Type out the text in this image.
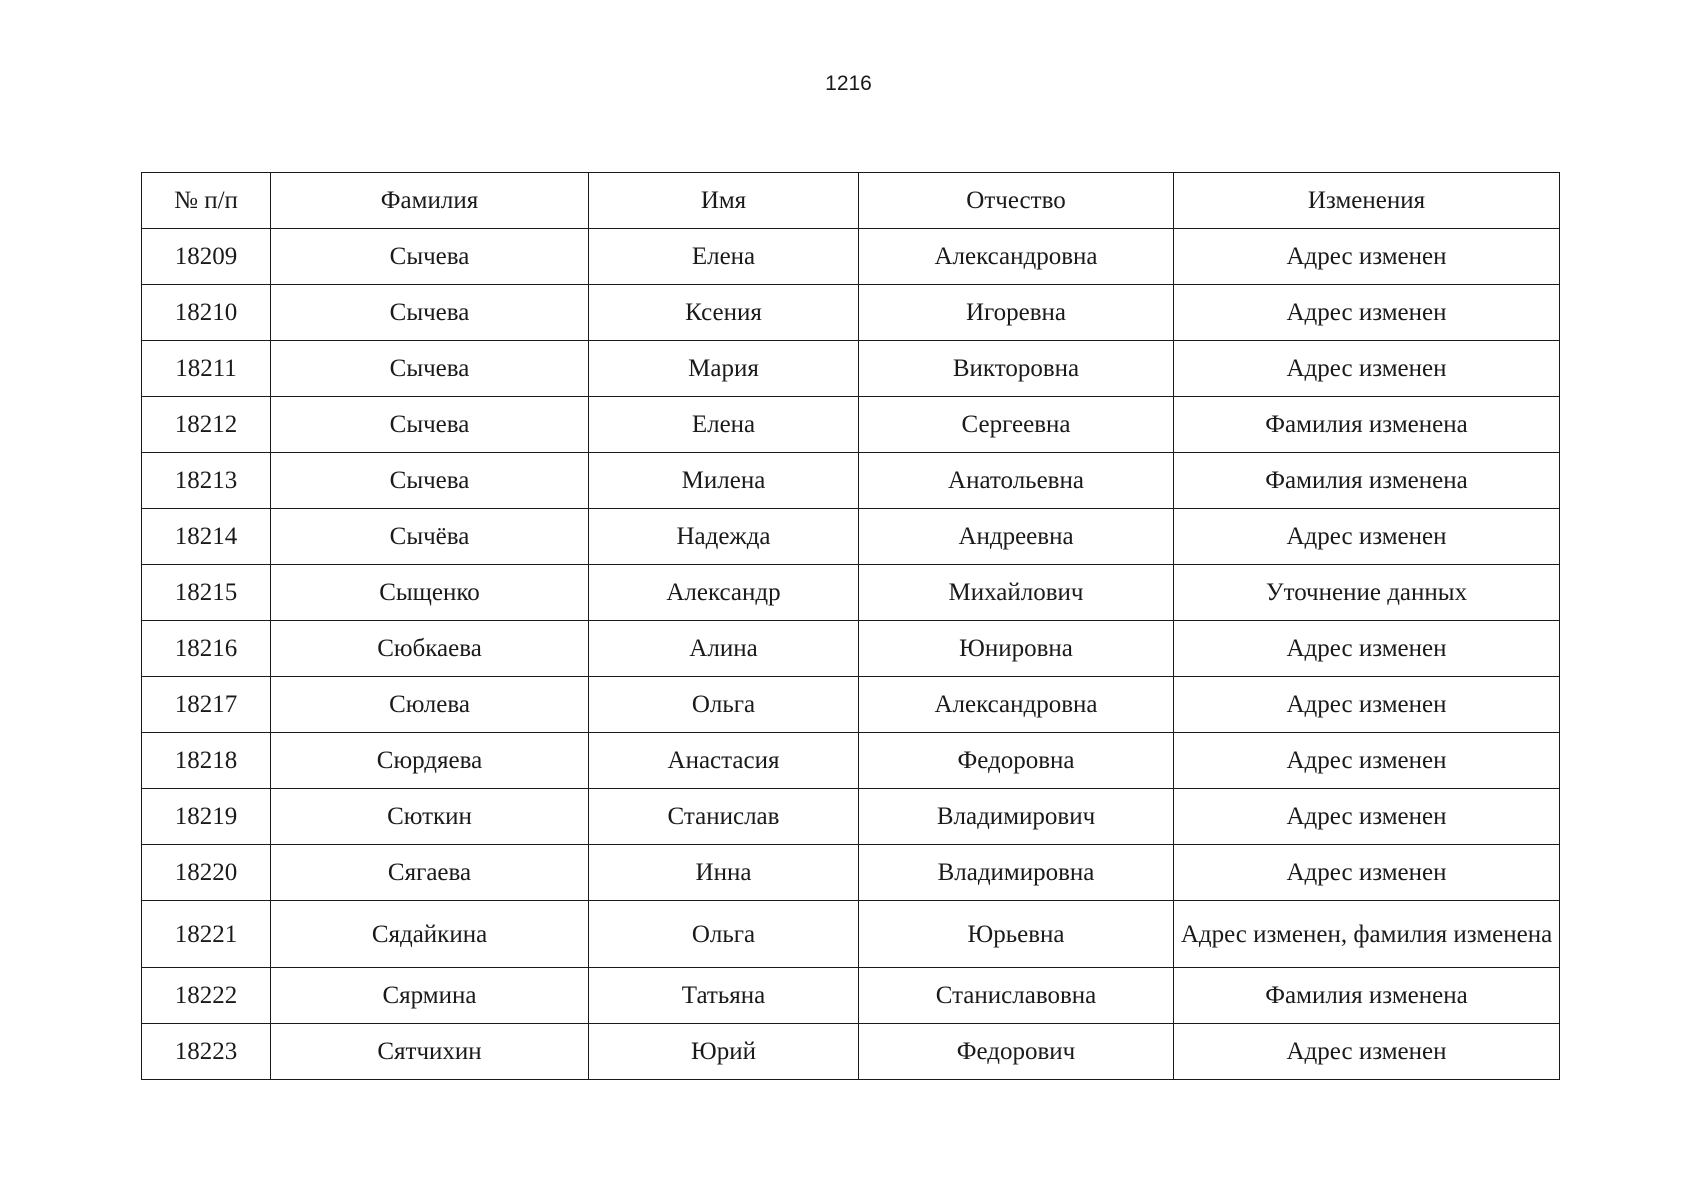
1216
№ п/п	Фамилия	Имя	Отчество	Изменения
18209	Сычева	Елена	Александровна	Адрес изменен
18210	Сычева	Ксения	Игоревна	Адрес изменен
18211	Сычева	Мария	Викторовна	Адрес изменен
18212	Сычева	Елена	Сергеевна	Фамилия изменена
18213	Сычева	Милена	Анатольевна	Фамилия изменена
18214	Сычёва	Надежда	Андреевна	Адрес изменен
18215	Сыщенко	Александр	Михайлович	Уточнение данных
18216	Сюбкаева	Алина	Юнировна	Адрес изменен
18217	Сюлева	Ольга	Александровна	Адрес изменен
18218	Сюрдяева	Анастасия	Федоровна	Адрес изменен
18219	Сюткин	Станислав	Владимирович	Адрес изменен
18220	Сягаева	Инна	Владимировна	Адрес изменен
18221	Сядайкина	Ольга	Юрьевна	Адрес изменен, фамилия изменена
18222	Сярмина	Татьяна	Станиславовна	Фамилия изменена
18223	Сятчихин	Юрий	Федорович	Адрес изменен
